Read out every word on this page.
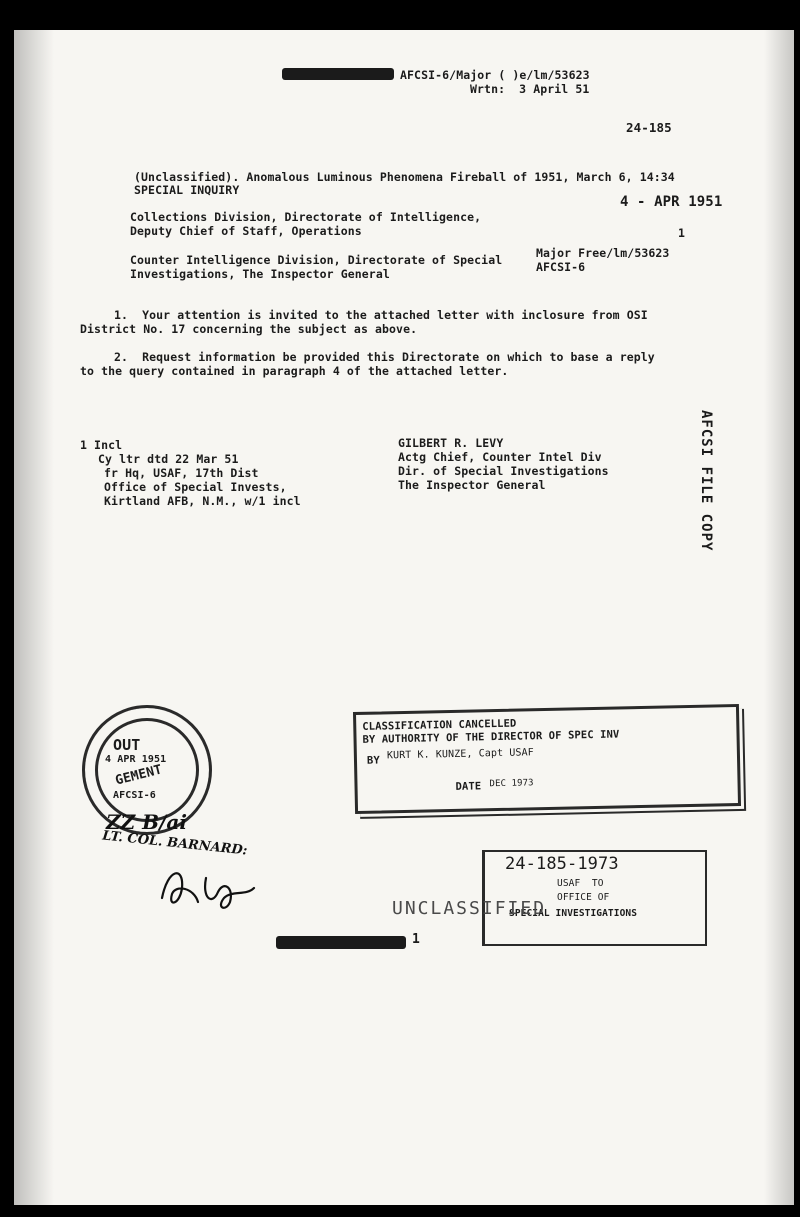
AFCSI-6/Major ( )e/lm/53623
Wrtn:  3 April 51
24-185
(Unclassified). Anomalous Luminous Phenomena Fireball of 1951, March 6, 14:34
SPECIAL INQUIRY
4 - APR 1951
Collections Division, Directorate of Intelligence,
Deputy Chief of Staff, Operations	1
Counter Intelligence Division, Directorate of Special
Investigations, The Inspector General
Major Free/lm/53623
AFCSI-6
1.  Your attention is invited to the attached letter with inclosure from OSI
District No. 17 concerning the subject as above.
2.  Request information be provided this Directorate on which to base a reply
to the query contained in paragraph 4 of the attached letter.
1 Incl
Cy ltr dtd 22 Mar 51
fr Hq, USAF, 17th Dist
Office of Special Invests,
Kirtland AFB, N.M., w/1 incl
GILBERT R. LEVY
Actg Chief, Counter Intel Div
Dir. of Special Investigations
The Inspector General	AFCSI FILE COPY
OUT
4 APR 1951
GEMENT
AFCSI-6
ZZ B/ai
LT. COL. BARNARD:
CLASSIFICATION CANCELLED
BY AUTHORITY OF THE DIRECTOR OF SPEC INV
BY KURT K. KUNZE, Capt USAF
DATE DEC 1973
24-185-1973
USAF  TO
OFFICE OF
SPECIAL INVESTIGATIONS
UNCLASSIFIED
1
